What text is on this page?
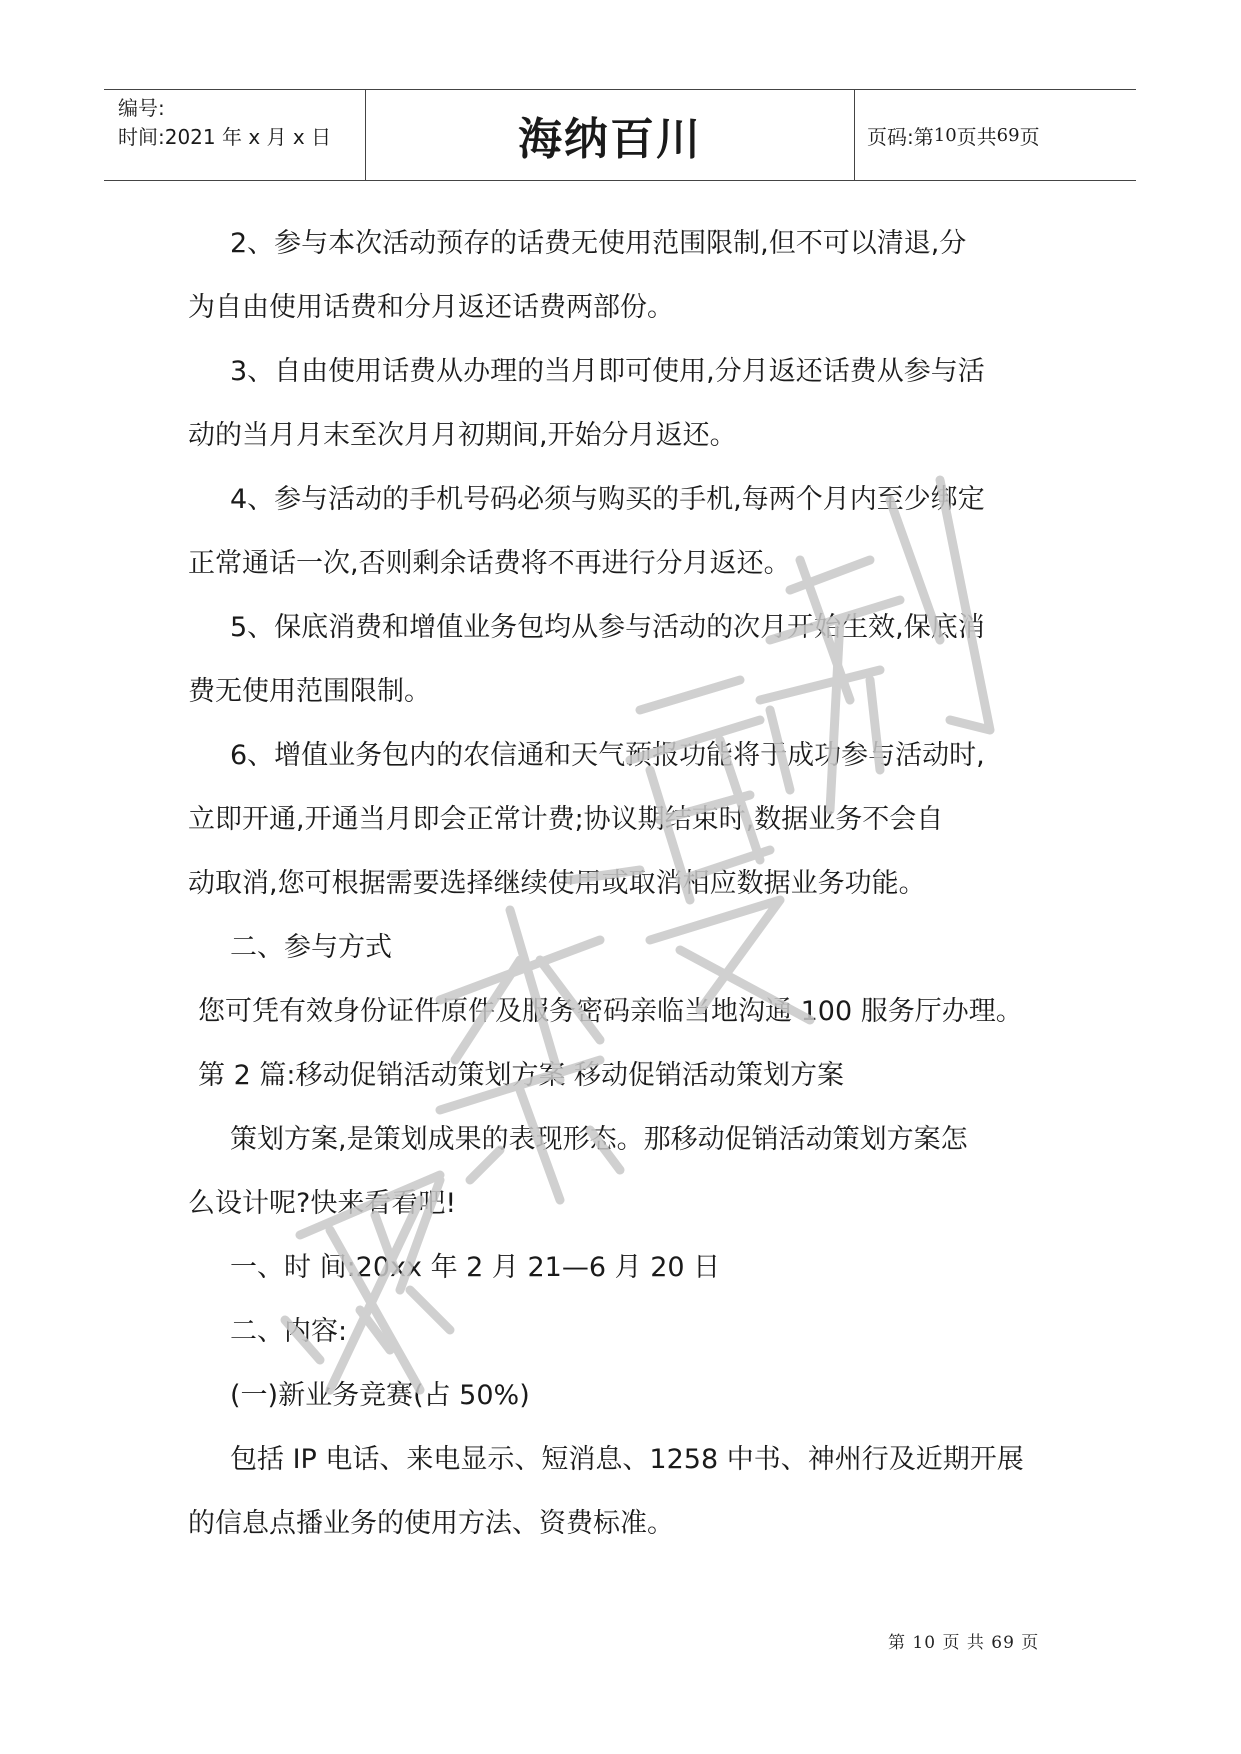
编号:
时间:2021 年 x 月 x 日	海纳百川	页码:第 10 页共 69 页

2、参与本次活动预存的话费无使用范围限制,但不可以清退,分

为自由使用话费和分月返还话费两部份。

3、自由使用话费从办理的当月即可使用,分月返还话费从参与活

动的当月月末至次月月初期间,开始分月返还。

4、参与活动的手机号码必须与购买的手机,每两个月内至少绑定

正常通话一次,否则剩余话费将不再进行分月返还。

5、保底消费和增值业务包均从参与活动的次月开始生效,保底消

费无使用范围限制。

6、增值业务包内的农信通和天气预报功能将于成功参与活动时,

立即开通,开通当月即会正常计费;协议期结束时,数据业务不会自

动取消,您可根据需要选择继续使用或取消相应数据业务功能。

二、参与方式

您可凭有效身份证件原件及服务密码亲临当地沟通 100 服务厅办理。

第 2 篇:移动促销活动策划方案 移动促销活动策划方案

策划方案,是策划成果的表现形态。那移动促销活动策划方案怎

么设计呢?快来看看吧!

一、时 间:20xx 年 2 月 21—6 月 20 日

二、内容:

(一)新业务竞赛(占 50%)

包括 IP 电话、来电显示、短消息、1258 中书、神州行及近期开展

的信息点播业务的使用方法、资费标准。

第 10 页 共 69 页
